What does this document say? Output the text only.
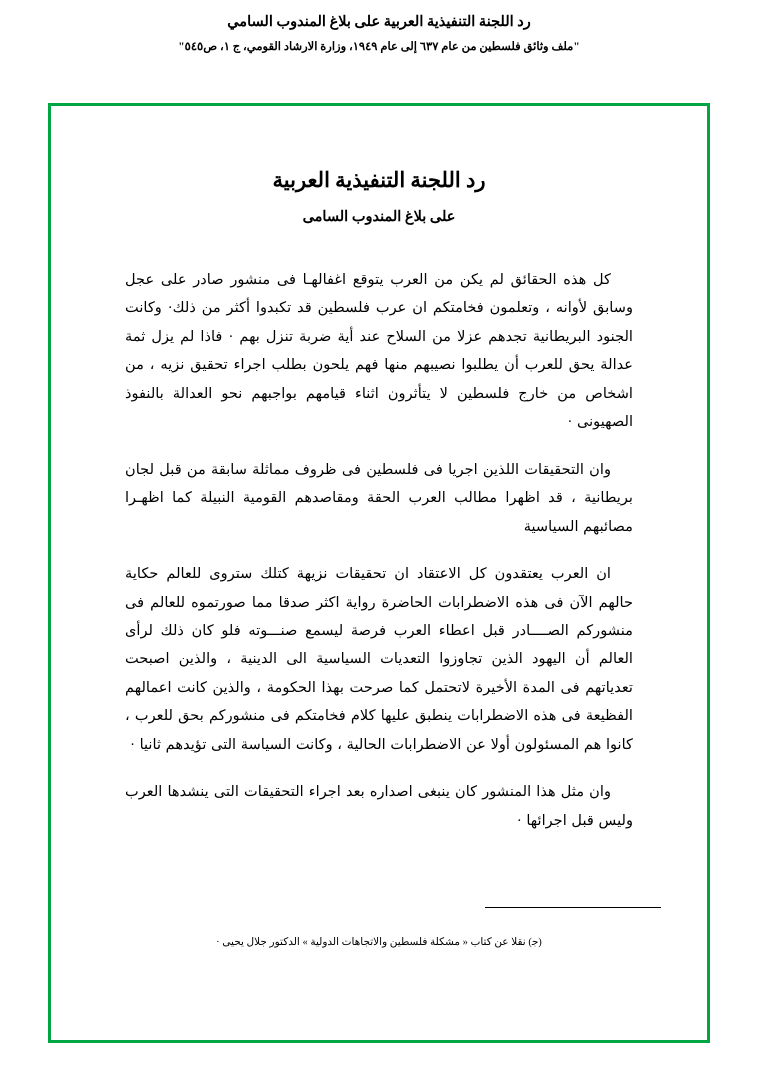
رد اللجنة التنفيذية العربية على بلاغ المندوب السامي
"ملف وثائق فلسطين من عام ٦٣٧ إلى عام ١٩٤٩، وزارة الارشاد القومي، ج ١، ص٥٤٥"
رد اللجنة التنفيذية العربية
على بلاغ المندوب السامى

كل هذه الحقائق لم يكن من العرب يتوقع اغفالهـا فى منشور صادر على عجل وسابق لأوانه ، وتعلمون فخامتكم ان عرب فلسطين قد تكبدوا أكثر من ذلك· وكانت الجنود البريطانية تجدهم عزلا من السلاح عند أية ضربة تنزل بهم · فاذا لم يزل ثمة عدالة يحق للعرب أن يطلبوا نصيبهم منها فهم يلحون بطلب اجراء تحقيق نزيه ، من اشخاص من خارج فلسطين لا يتأثرون اثناء قيامهم بواجبهم نحو العدالة بالنفوذ الصهيونى ·

وان التحقيقات اللذين اجريا فى فلسطين فى ظروف مماثلة سابقة من قبل لجان بريطانية ، قد اظهرا مطالب العرب الحقة ومقاصدهم القومية النبيلة كما اظهـرا مصائبهم السياسية

ان العرب يعتقدون كل الاعتقاد ان تحقيقات نزيهة كتلك ستروى للعالم حكاية حالهم الآن فى هذه الاضطرابات الحاضرة رواية اكثر صدقا مما صورتموه للعالم فى منشوركم الصــــادر قبل اعطاء العرب فرصة ليسمع صنـــوته فلو كان ذلك لرأى العالم أن اليهود الذين تجاوزوا التعديات السياسية الى الدينية ، والذين اصبحت تعدياتهم فى المدة الأخيرة لاتحتمل كما صرحت بهذا الحكومة ، والذين كانت اعمالهم الفظيعة فى هذه الاضطرابات ينطبق عليها كلام فخامتكم فى منشوركم بحق للعرب ، كانوا هم المسئولون أولا عن الاضطرابات الحالية ، وكانت السياسة التى تؤيدهم ثانيا ·

وان مثل هذا المنشور كان ينبغى اصداره بعد اجراء التحقيقات التى ينشدها العرب وليس قبل اجرائها ·

(ﺟ) نقلا عن كتاب « مشكلة فلسطين والاتجاهات الدولية » الدكتور جلال يحيى ·
